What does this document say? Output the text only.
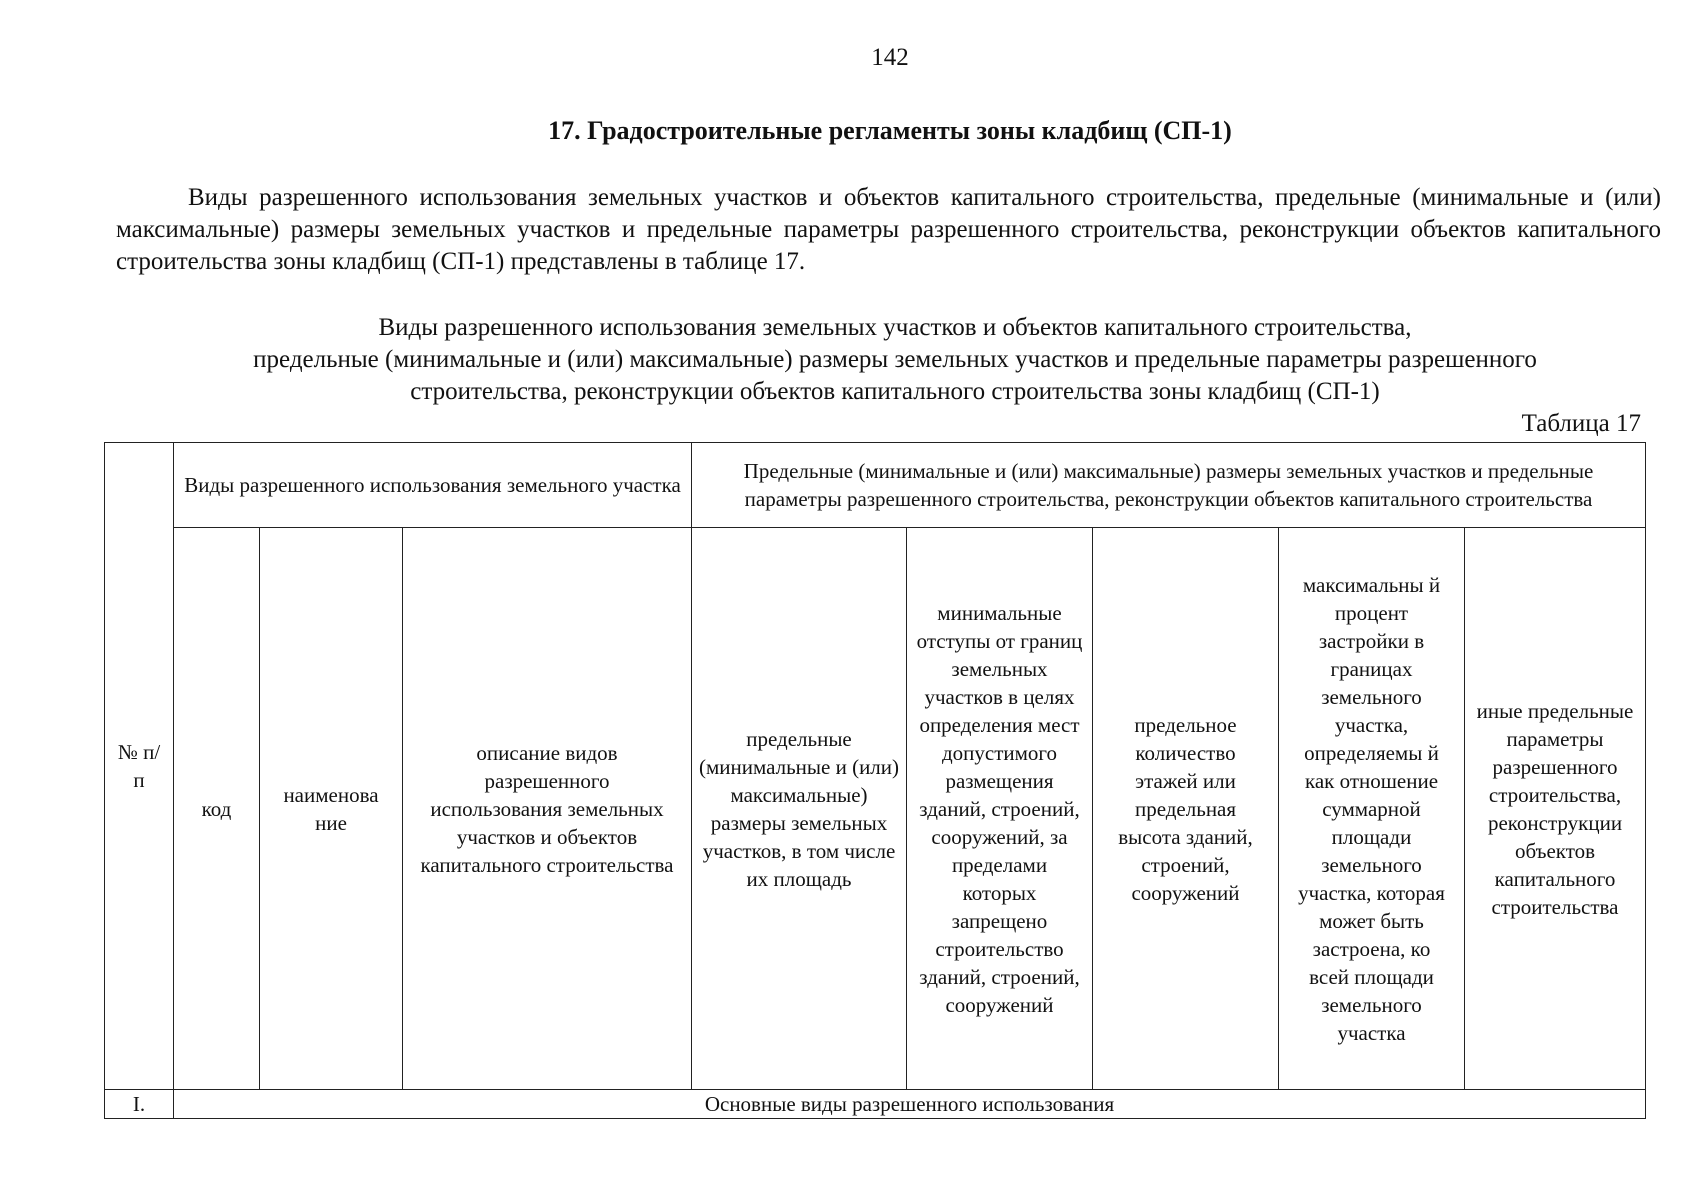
142
17. Градостроительные регламенты зоны кладбищ (СП-1)
Виды разрешенного использования земельных участков и объектов капитального строительства, предельные (минимальные и (или) максимальные) размеры земельных участков и предельные параметры разрешенного строительства, реконструкции объектов капитального строительства зоны кладбищ (СП-1) представлены в таблице 17.
Виды разрешенного использования земельных участков и объектов капитального строительства,
предельные (минимальные и (или) максимальные) размеры земельных участков и предельные параметры разрешенного
строительства, реконструкции объектов капитального строительства зоны кладбищ (СП-1)
Таблица 17
№ п/ п	Виды разрешенного использования земельного участка			Предельные (минимальные и (или) максимальные) размеры земельных участков и предельные параметры разрешенного строительства, реконструкции объектов капитального строительства				
	код	наименова ние	описание видов разрешенного использования земельных участков и объектов капитального строительства	предельные (минимальные и (или) максимальные) размеры земельных участков, в том числе их площадь	минимальные отступы от границ земельных участков в целях определения мест допустимого размещения зданий, строений, сооружений, за пределами которых запрещено строительство зданий, строений, сооружений	предельное количество этажей или предельная высота зданий, строений, сооружений	максимальны й процент застройки в границах земельного участка, определяемы й как отношение суммарной площади земельного участка, которая может быть застроена, ко всей площади земельного участка	иные предельные параметры разрешенного строительства, реконструкции объектов капитального строительства
I.	Основные виды разрешенного использования							
